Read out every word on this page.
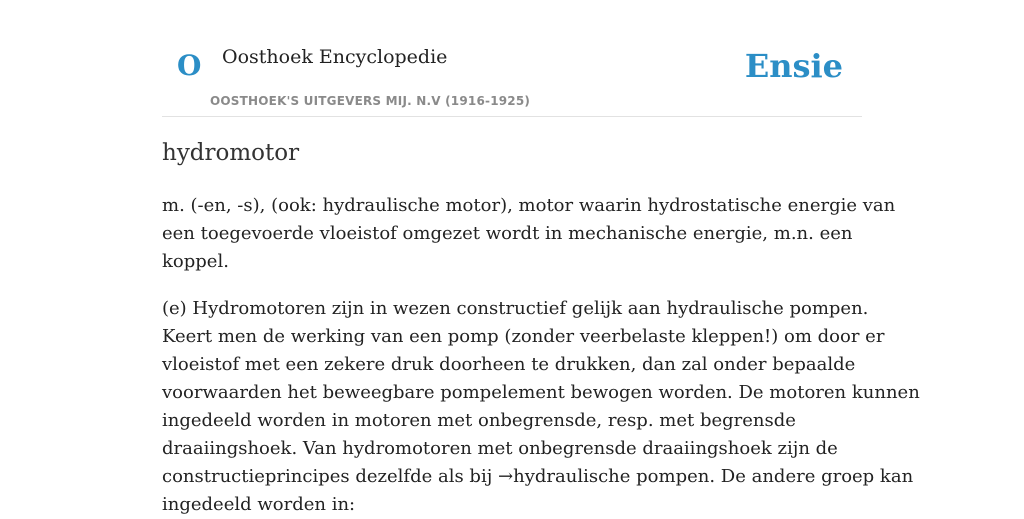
O Oosthoek Encyclopedie	Ensie
OOSTHOEK'S UITGEVERS MIJ. N.V (1916-1925)
hydromotor

m. (-en, -s), (ook: hydraulische motor), motor waarin hydrostatische energie van
een toegevoerde vloeistof omgezet wordt in mechanische energie, m.n. een
koppel.

(e) Hydromotoren zijn in wezen constructief gelijk aan hydraulische pompen.
Keert men de werking van een pomp (zonder veerbelaste kleppen!) om door er
vloeistof met een zekere druk doorheen te drukken, dan zal onder bepaalde
voorwaarden het beweegbare pompelement bewogen worden. De motoren kunnen
ingedeeld worden in motoren met onbegrensde, resp. met begrensde
draaiingshoek. Van hydromotoren met onbegrensde draaiingshoek zijn de
constructieprincipes dezelfde als bij →hydraulische pompen. De andere groep kan
ingedeeld worden in:
